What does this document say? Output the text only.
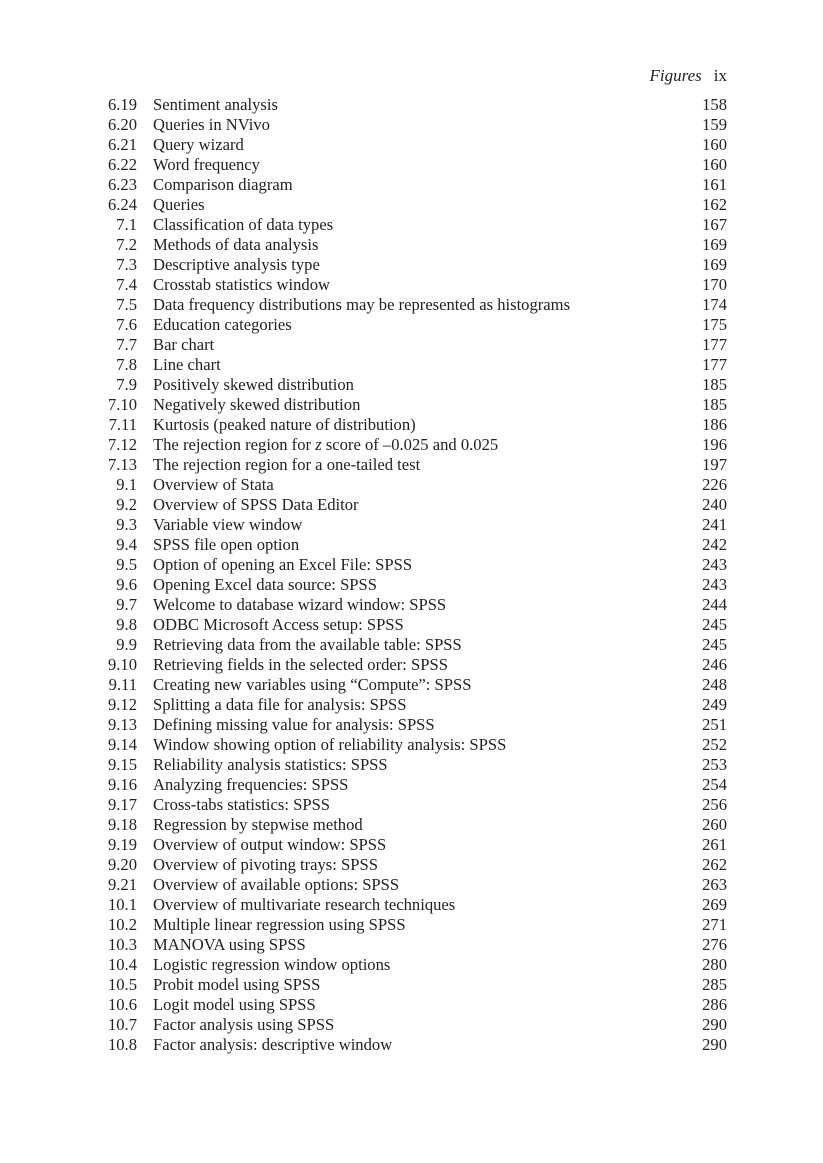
Figures ix
6.19 Sentiment analysis	158
6.20 Queries in NVivo	159
6.21 Query wizard	160
6.22 Word frequency	160
6.23 Comparison diagram	161
6.24 Queries	162
7.1 Classification of data types	167
7.2 Methods of data analysis	169
7.3 Descriptive analysis type	169
7.4 Crosstab statistics window	170
7.5 Data frequency distributions may be represented as histograms	174
7.6 Education categories	175
7.7 Bar chart	177
7.8 Line chart	177
7.9 Positively skewed distribution	185
7.10 Negatively skewed distribution	185
7.11 Kurtosis (peaked nature of distribution)	186
7.12 The rejection region for z score of –0.025 and 0.025	196
7.13 The rejection region for a one-tailed test	197
9.1 Overview of Stata	226
9.2 Overview of SPSS Data Editor	240
9.3 Variable view window	241
9.4 SPSS file open option	242
9.5 Option of opening an Excel File: SPSS	243
9.6 Opening Excel data source: SPSS	243
9.7 Welcome to database wizard window: SPSS	244
9.8 ODBC Microsoft Access setup: SPSS	245
9.9 Retrieving data from the available table: SPSS	245
9.10 Retrieving fields in the selected order: SPSS	246
9.11 Creating new variables using “Compute”: SPSS	248
9.12 Splitting a data file for analysis: SPSS	249
9.13 Defining missing value for analysis: SPSS	251
9.14 Window showing option of reliability analysis: SPSS	252
9.15 Reliability analysis statistics: SPSS	253
9.16 Analyzing frequencies: SPSS	254
9.17 Cross-tabs statistics: SPSS	256
9.18 Regression by stepwise method	260
9.19 Overview of output window: SPSS	261
9.20 Overview of pivoting trays: SPSS	262
9.21 Overview of available options: SPSS	263
10.1 Overview of multivariate research techniques	269
10.2 Multiple linear regression using SPSS	271
10.3 MANOVA using SPSS	276
10.4 Logistic regression window options	280
10.5 Probit model using SPSS	285
10.6 Logit model using SPSS	286
10.7 Factor analysis using SPSS	290
10.8 Factor analysis: descriptive window	290
